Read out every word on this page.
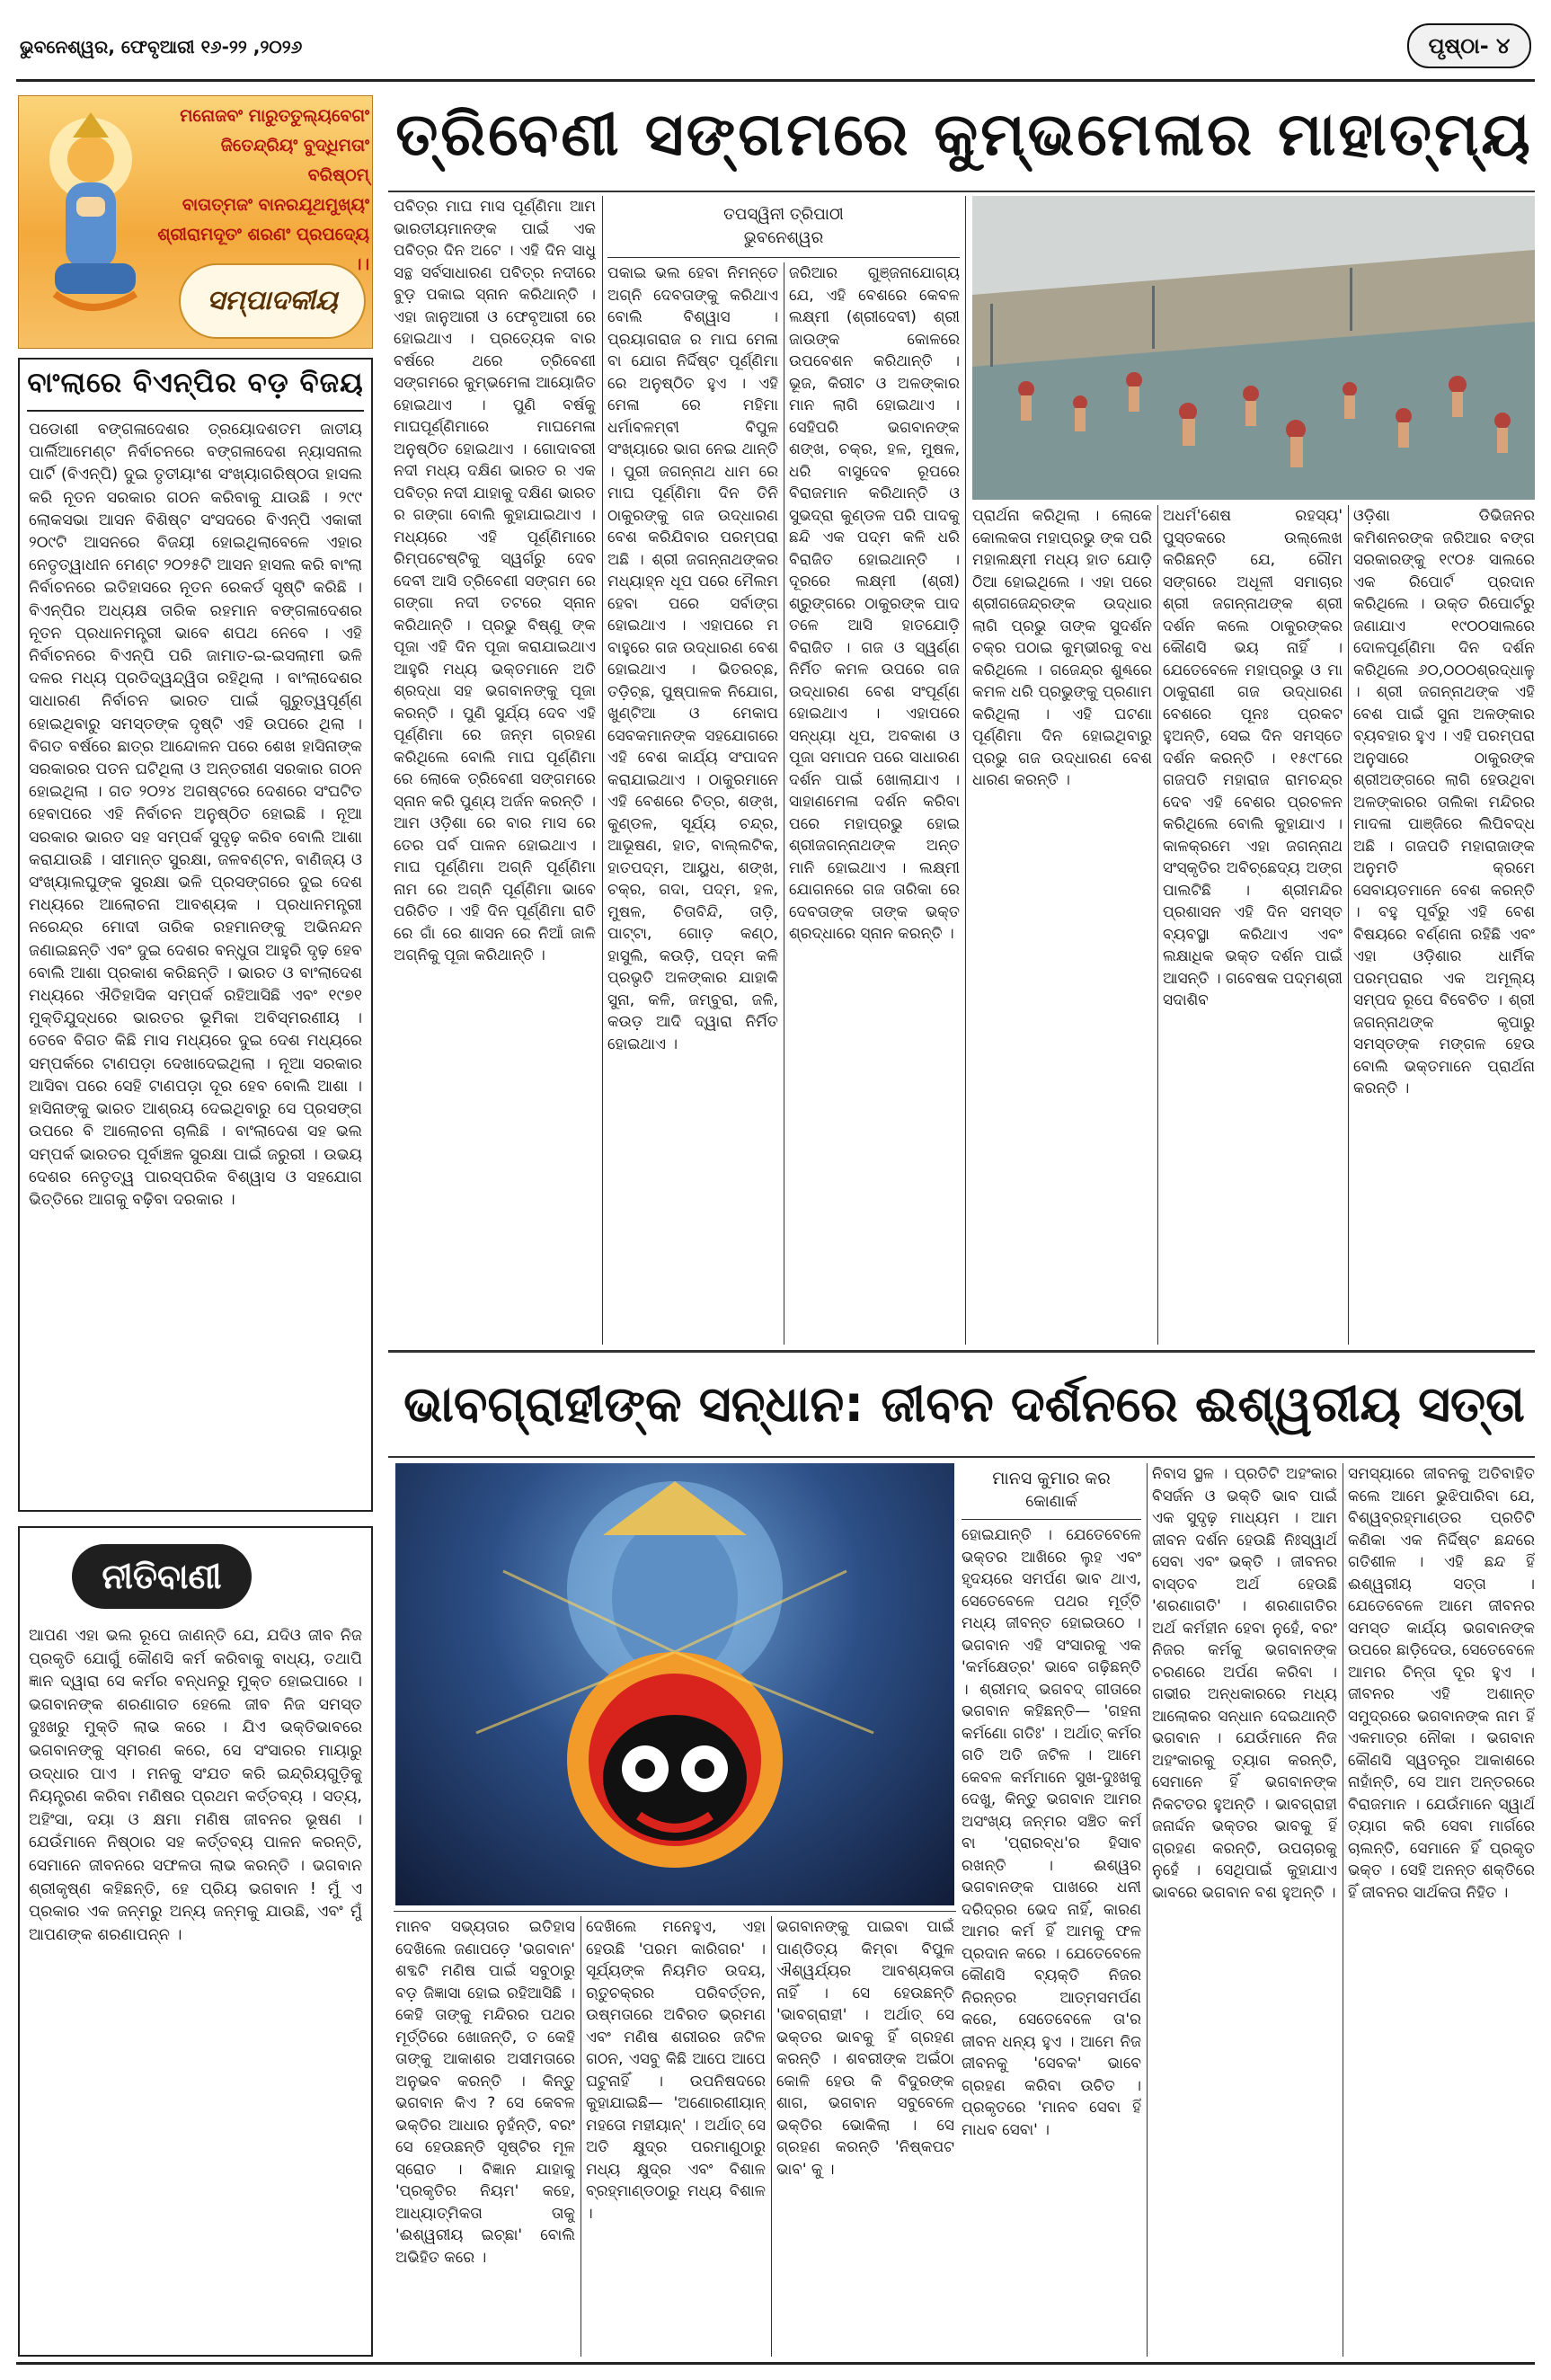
ଭୁବନେଶ୍ୱର, ଫେବୃଆରୀ ୧୬-୨୨ ,୨୦୨୬	ପୃଷ୍ଠା- ୪
ମନୋଜବଂ ମାରୁତତୁଲ୍ୟବେଗଂ
ଜିତେନ୍ଦ୍ରିୟଂ ବୁଦ୍ଧିମତାଂ ବରିଷ୍ଠମ୍
ବାତାତ୍ମଜଂ ବାନରଯୂଥମୁଖ୍ୟଂ
ଶ୍ରୀରାମଦୂତଂ ଶରଣଂ ପ୍ରପଦ୍ୟେ ।।
ସମ୍ପାଦକୀୟ
ବାଂଲାରେ ବିଏନ୍‌ପିର ବଡ଼ ବିଜୟ
ପଡୋଶୀ ବଙ୍ଗଳାଦେଶର ତ୍ରୟୋଦଶତମ ଜାତୀୟ ପାର୍ଲିଆମେଣ୍ଟ ନିର୍ବାଚନରେ ବଙ୍ଗଳାଦେଶ ନ୍ୟାସନାଲ ପାର୍ଟି (ବିଏନ୍‌ପି) ଦୁଇ ତୃତୀୟାଂଶ ସଂଖ୍ୟାଗରିଷ୍ଠତା ହାସଲ କରି ନୂତନ ସରକାର ଗଠନ କରିବାକୁ ଯାଉଛି । ୨୯୯ ଲୋକସଭା ଆସନ ବିଶିଷ୍ଟ ସଂସଦରେ ବିଏନ୍‌ପି ଏକାକୀ ୨୦୯ଟି ଆସନରେ ବିଜୟୀ ହୋଇଥିଲାବେଳେ ଏହାର ନେତୃତ୍ୱାଧୀନ ମେଣ୍ଟ ୨୦୨୫ଟି ଆସନ ହାସଲ କରି ବାଂଲା ନିର୍ବାଚନରେ ଇତିହାସରେ ନୂତନ ରେକର୍ଡ ସୃଷ୍ଟି କରିଛି । ବିଏନ୍‌ପିର ଅଧ୍ୟକ୍ଷ ତାରିକ ରହମାନ ବଙ୍ଗଳାଦେଶର ନୂତନ ପ୍ରଧାନମନ୍ତ୍ରୀ ଭାବେ ଶପଥ ନେବେ । ଏହି ନିର୍ବାଚନରେ ବିଏନ୍‌ପି ପରି ଜାମାତ-ଇ-ଇସଲାମୀ ଭଳି ଦଳର ମଧ୍ୟ ପ୍ରତିଦ୍ୱନ୍ଦ୍ୱିତା ରହିଥିଲା । ବାଂଲାଦେଶର ସାଧାରଣ ନିର୍ବାଚନ ଭାରତ ପାଇଁ ଗୁରୁତ୍ୱପୂର୍ଣ୍ଣ ହୋଇଥିବାରୁ ସମସ୍ତଙ୍କ ଦୃଷ୍ଟି ଏହି ଉପରେ ଥିଲା । ବିଗତ ବର୍ଷରେ ଛାତ୍ର ଆନ୍ଦୋଳନ ପରେ ଶେଖ ହାସିନାଙ୍କ ସରକାରର ପତନ ଘଟିଥିଲା ଓ ଅନ୍ତରୀଣ ସରକାର ଗଠନ ହୋଇଥିଲା । ଗତ ୨୦୨୪ ଅଗଷ୍ଟରେ ଦେଶରେ ସଂଘଟିତ ହେବାପରେ ଏହି ନିର୍ବାଚନ ଅନୁଷ୍ଠିତ ହୋଇଛି । ନୂଆ ସରକାର ଭାରତ ସହ ସମ୍ପର୍କ ସୁଦୃଢ଼ କରିବ ବୋଲି ଆଶା କରାଯାଉଛି । ସୀମାନ୍ତ ସୁରକ୍ଷା, ଜଳବଣ୍ଟନ, ବାଣିଜ୍ୟ ଓ ସଂଖ୍ୟାଲଘୁଙ୍କ ସୁରକ୍ଷା ଭଳି ପ୍ରସଙ୍ଗରେ ଦୁଇ ଦେଶ ମଧ୍ୟରେ ଆଲୋଚନା ଆବଶ୍ୟକ । ପ୍ରଧାନମନ୍ତ୍ରୀ ନରେନ୍ଦ୍ର ମୋଦୀ ତାରିକ ରହମାନଙ୍କୁ ଅଭିନନ୍ଦନ ଜଣାଇଛନ୍ତି ଏବଂ ଦୁଇ ଦେଶର ବନ୍ଧୁତା ଆହୁରି ଦୃଢ଼ ହେବ ବୋଲି ଆଶା ପ୍ରକାଶ କରିଛନ୍ତି । ଭାରତ ଓ ବାଂଲାଦେଶ ମଧ୍ୟରେ ଐତିହାସିକ ସମ୍ପର୍କ ରହିଆସିଛି ଏବଂ ୧୯୭୧ ମୁକ୍ତିଯୁଦ୍ଧରେ ଭାରତର ଭୂମିକା ଅବିସ୍ମରଣୀୟ । ତେବେ ବିଗତ କିଛି ମାସ ମଧ୍ୟରେ ଦୁଇ ଦେଶ ମଧ୍ୟରେ ସମ୍ପର୍କରେ ଟାଣପଡ଼ା ଦେଖାଦେଇଥିଲା । ନୂଆ ସରକାର ଆସିବା ପରେ ସେହି ଟାଣପଡ଼ା ଦୂର ହେବ ବୋଲି ଆଶା । ହାସିନାଙ୍କୁ ଭାରତ ଆଶ୍ରୟ ଦେଇଥିବାରୁ ସେ ପ୍ରସଙ୍ଗ ଉପରେ ବି ଆଲୋଚନା ଚାଲିଛି । ବାଂଲାଦେଶ ସହ ଭଲ ସମ୍ପର୍କ ଭାରତର ପୂର୍ବାଞ୍ଚଳ ସୁରକ୍ଷା ପାଇଁ ଜରୁରୀ । ଉଭୟ ଦେଶର ନେତୃତ୍ୱ ପାରସ୍ପରିକ ବିଶ୍ୱାସ ଓ ସହଯୋଗ ଭିତ୍ତିରେ ଆଗକୁ ବଢ଼ିବା ଦରକାର ।
ନୀତିବାଣୀ
ଆପଣ ଏହା ଭଲ ରୂପେ ଜାଣନ୍ତି ଯେ, ଯଦିଓ ଜୀବ ନିଜ ପ୍ରକୃତି ଯୋଗୁଁ କୌଣସି କର୍ମ କରିବାକୁ ବାଧ୍ୟ, ତଥାପି ଜ୍ଞାନ ଦ୍ୱାରା ସେ କର୍ମର ବନ୍ଧନରୁ ମୁକ୍ତ ହୋଇପାରେ । ଭଗବାନଙ୍କ ଶରଣାଗତ ହେଲେ ଜୀବ ନିଜ ସମସ୍ତ ଦୁଃଖରୁ ମୁକ୍ତି ଲାଭ କରେ । ଯିଏ ଭକ୍ତିଭାବରେ ଭଗବାନଙ୍କୁ ସ୍ମରଣ କରେ, ସେ ସଂସାରର ମାୟାରୁ ଉଦ୍ଧାର ପାଏ । ମନକୁ ସଂଯତ କରି ଇନ୍ଦ୍ରିୟଗୁଡ଼ିକୁ ନିୟନ୍ତ୍ରଣ କରିବା ମଣିଷର ପ୍ରଥମ କର୍ତ୍ତବ୍ୟ । ସତ୍ୟ, ଅହିଂସା, ଦୟା ଓ କ୍ଷମା ମଣିଷ ଜୀବନର ଭୂଷଣ । ଯେଉଁମାନେ ନିଷ୍ଠାର ସହ କର୍ତ୍ତବ୍ୟ ପାଳନ କରନ୍ତି, ସେମାନେ ଜୀବନରେ ସଫଳତା ଲାଭ କରନ୍ତି । ଭଗବାନ ଶ୍ରୀକୃଷ୍ଣ କହିଛନ୍ତି, ହେ ପ୍ରିୟ ଭଗବାନ ! ମୁଁ ଏ ପ୍ରକାର ଏକ ଜନ୍ମରୁ ଅନ୍ୟ ଜନ୍ମକୁ ଯାଉଛି, ଏବଂ ମୁଁ ଆପଣଙ୍କ ଶରଣାପନ୍ନ ।
ତ୍ରିବେଣୀ ସଙ୍ଗମରେ କୁମ୍ଭମେଳାର ମାହାତ୍ମ୍ୟ
ପବିତ୍ର ମାଘ ମାସ ପୂର୍ଣ୍ଣିମା ଆମ ଭାରତୀୟମାନଙ୍କ ପାଇଁ ଏକ ପବିତ୍ର ଦିନ ଅଟେ । ଏହି ଦିନ ସାଧୁ ସନ୍ଥ ସର୍ବସାଧାରଣ ପବିତ୍ର ନଦୀରେ ବୁଡ଼ ପକାଇ ସ୍ନାନ କରିଥାନ୍ତି । ଏହା ଜାନୁଆରୀ ଓ ଫେବୃଆରୀ ରେ ହୋଇଥାଏ । ପ୍ରତ୍ୟେକ ବାର ବର୍ଷରେ ଥରେ ତ୍ରିବେଣୀ ସଙ୍ଗମରେ କୁମ୍ଭମେଳା ଆୟୋଜିତ ହୋଇଥାଏ । ପୁଣି ବର୍ଷକୁ ମାଘପୂର୍ଣ୍ଣିମାରେ ମାଘମେଳା ଅନୁଷ୍ଠିତ ହୋଇଥାଏ । ଗୋଦାବରୀ ନଦୀ ମଧ୍ୟ ଦକ୍ଷିଣ ଭାରତ ର ଏକ ପବିତ୍ର ନଦୀ ଯାହାକୁ ଦକ୍ଷିଣ ଭାରତ ର ଗଙ୍ଗା ବୋଲି କୁହାଯାଇଥାଏ । ମଧ୍ୟରେ ଏହି ପୂର୍ଣ୍ଣିମାରେ ରିମ୍ପଟେଷ୍ଟିକୁ ସ୍ୱର୍ଗରୁ ଦେବ ଦେବୀ ଆସି ତ୍ରିବେଣୀ ସଙ୍ଗମ ରେ ଗଙ୍ଗା ନଦୀ ତଟରେ ସ୍ନାନ କରିଥାନ୍ତି । ପ୍ରଭୁ ବିଷ୍ଣୁ ଙ୍କ ପୂଜା ଏହି ଦିନ ପୂଜା କରାଯାଇଥାଏ ଆହୁରି ମଧ୍ୟ ଭକ୍ତମାନେ ଅତି ଶ୍ରଦ୍ଧା ସହ ଭଗବାନଙ୍କୁ ପୂଜା କରନ୍ତି । ପୁଣି ସୁର୍ଯ୍ୟ ଦେବ ଏହି ପୂର୍ଣ୍ଣିମା ରେ ଜନ୍ମ ଗ୍ରହଣ କରିଥିଲେ ବୋଲି ମାଘ ପୂର୍ଣ୍ଣିମା ରେ ଲୋକେ ତ୍ରିବେଣୀ ସଙ୍ଗମରେ ସ୍ନାନ କରି ପୁଣ୍ୟ ଅର୍ଜନ କରନ୍ତି । ଆମ ଓଡ଼ିଶା ରେ ବାର ମାସ ରେ ତେର ପର୍ବ ପାଳନ ହୋଇଥାଏ । ମାଘ ପୂର୍ଣ୍ଣିମା ଅଗ୍ନି ପୂର୍ଣ୍ଣିମା ନାମ ରେ ଅଗ୍ନି ପୂର୍ଣ୍ଣିମା ଭାବେ ପରିଚିତ । ଏହି ଦିନ ପୂର୍ଣ୍ଣିମା ରାତି ରେ ଗାଁ ରେ ଶାସନ ରେ ନିଆଁ ଜାଳି ଅଗ୍ନିକୁ ପୂଜା କରିଥାନ୍ତି ।
ତପସ୍ୱିନୀ ତ୍ରିପାଠୀ
ଭୁବନେଶ୍ୱର
ପକାଇ ଭଲ ହେବା ନିମନ୍ତେ ଅଗ୍ନି ଦେବତାଙ୍କୁ କରିଥାଏ ବୋଲି ବିଶ୍ୱାସ । ପ୍ରୟାଗରାଜ ର ମାଘ ମେଳା ବା ଯୋଗ ନିର୍ଦ୍ଦିଷ୍ଟ ପୂର୍ଣ୍ଣିମା ରେ ଅନୁଷ୍ଠିତ ହୁଏ । ଏହି ମେଳା ରେ ମହିମା ଧର୍ମାବଳମ୍ବୀ ବିପୁଳ ସଂଖ୍ୟାରେ ଭାଗ ନେଇ ଥାନ୍ତି । ପୁରୀ ଜଗନ୍ନାଥ ଧାମ ରେ ମାଘ ପୂର୍ଣ୍ଣିମା ଦିନ ତିନି ଠାକୁରଙ୍କୁ ଗଜ ଉଦ୍ଧାରଣ ବେଶ କରିଯିବାର ପରମ୍ପରା ଅଛି । ଶ୍ରୀ ଜଗନ୍ନାଥଙ୍କର ମଧ୍ୟାହ୍ନ ଧୂପ ପରେ ମୈଲମ ହେବା ପରେ ସର୍ବାଙ୍ଗ ହୋଇଥାଏ । ଏହାପରେ ମ ବାହୁରେ ଗଜ ଉଦ୍ଧାରଣ ବେଶ ହୋଇଥାଏ । ଭିତରଚ୍ଛ, ତଡ଼ିଚ୍ଛ, ପୁଷ୍ପାଳକ ନିଯୋଗ, ଖୁଣ୍ଟିଆ ଓ ମେକାପ ସେବକମାନଙ୍କ ସହଯୋଗରେ ଏହି ବେଶ କାର୍ଯ୍ୟ ସଂପାଦନ କରାଯାଇଥାଏ । ଠାକୁରମାନେ ଏହି ବେଶରେ ଚିତ୍ର, ଶଙ୍ଖ, କୁଣ୍ଡଳ, ସୂର୍ଯ୍ୟ ଚନ୍ଦ୍ର, ଆଭୂଷଣ, ହାତ, ବାଲ୍ଲଟିକ, ହାତପଦ୍ମ, ଆୟୁଧ, ଶଙ୍ଖ, ଚକ୍ର, ଗଦା, ପଦ୍ମ, ହଳ, ମୁଷଳ, ଚିତାବିନ୍ଦି, ତାଡ଼ି, ପାଟ୍ଟା, ଗୋଡ଼ କଣ୍ଠ, ହାସୁଲି, କଉଡ଼ି, ପଦ୍ମ କଳି ପ୍ରଭୃତି ଅଳଙ୍କାର ଯାହାକି ସୁନା, କଳି, ଜମ୍ବୁରା, ଜଳି, କଉଡ଼ ଆଦି ଦ୍ୱାରା ନିର୍ମିତ ହୋଇଥାଏ ।
ଜରିଆର ଗୁଞ୍ଜନାଯୋଗ୍ୟ ଯେ, ଏହି ବେଶରେ କେବଳ ଲକ୍ଷ୍ମୀ (ଶ୍ରୀଦେବୀ) ଶ୍ରୀ ଜାଉଙ୍କ କୋଳରେ ଉପବେଶନ କରିଥାନ୍ତି । ଭୂଜ, କିରୀଟ ଓ ଅଳଙ୍କାର ମାନ ଲାଗି ହୋଇଥାଏ । ସେହିପରି ଭଗବାନଙ୍କ ଶଙ୍ଖ, ଚକ୍ର, ହଳ, ମୁଷଳ, ଧରି ବାସୁଦେବ ରୂପରେ ବିରାଜମାନ କରିଥାନ୍ତି ଓ ସୁଭଦ୍ରା କୁଣ୍ଡଳ ପରି ପାଦକୁ ଛନ୍ଦି ଏକ ପଦ୍ମ କଳି ଧରି ବିରାଜିତ ହୋଇଥାନ୍ତି । ଦୂରରେ ଲକ୍ଷ୍ମୀ (ଶ୍ରୀ) ଶ୍ରୁଙ୍ଗରେ ଠାକୁରଙ୍କ ପାଦ ତଳେ ଆସି ହାତଯୋଡ଼ି ବିରାଜିତ । ଗଜ ଓ ସ୍ୱର୍ଣ୍ଣ ନିର୍ମିତ କମଳ ଉପରେ ଗଜ ଉଦ୍ଧାରଣ ବେଶ ସଂପୂର୍ଣ୍ଣ ହୋଇଥାଏ । ଏହାପରେ ସନ୍ଧ୍ୟା ଧୂପ, ଅବକାଶ ଓ ପୂଜା ସମାପନ ପରେ ସାଧାରଣ ଦର୍ଶନ ପାଇଁ ଖୋଲାଯାଏ । ସାହାଣମେଳା ଦର୍ଶନ କରିବା ପରେ ମହାପ୍ରଭୁ ହୋଇ ଶ୍ରୀଜଗନ୍ନାଥଙ୍କ ଅନ୍ତ ମାନି ହୋଇଥାଏ । ଲକ୍ଷ୍ମୀ ଯୋଗନରେ ଗଜ ତାରିକା ରେ ଦେବତାଙ୍କ ତାଙ୍କ ଭକ୍ତ ଶ୍ରଦ୍ଧାରେ ସ୍ନାନ କରନ୍ତି ।
ପ୍ରାର୍ଥନା କରିଥିଲା । ଲୋକେ କୋଲକତା ମହାପ୍ରଭୁ ଙ୍କ ପରି ମହାଲକ୍ଷ୍ମୀ ମଧ୍ୟ ହାତ ଯୋଡ଼ି ଠିଆ ହୋଇଥିଲେ । ଏହା ପରେ ଶ୍ରୀଗଜେନ୍ଦ୍ରଙ୍କ ଉଦ୍ଧାର ଲାଗି ପ୍ରଭୁ ତାଙ୍କ ସୁଦର୍ଶନ ଚକ୍ର ପଠାଇ କୁମ୍ଭୀରକୁ ବଧ କରିଥିଲେ । ଗଜେନ୍ଦ୍ର ଶୁଣ୍ଢରେ କମଳ ଧରି ପ୍ରଭୁଙ୍କୁ ପ୍ରଣାମ କରିଥିଲା । ଏହି ଘଟଣା ପୂର୍ଣ୍ଣିମା ଦିନ ହୋଇଥିବାରୁ ପ୍ରଭୁ ଗଜ ଉଦ୍ଧାରଣ ବେଶ ଧାରଣ କରନ୍ତି ।
ଅଧର୍ମ'ଶେଷ ରହସ୍ୟ' ପୁସ୍ତକରେ ଉଲ୍ଲେଖ କରିଛନ୍ତି ଯେ, ରୌମ ସଙ୍ଗରେ ଅଧୂଳୀ ସମାଚାର ଶ୍ରୀ ଜଗନ୍ନାଥଙ୍କ ଶ୍ରୀ ଦର୍ଶନ କଲେ ଠାକୁରଙ୍କର କୌଣସି ଭୟ ନାହିଁ । ଯେତେବେଳେ ମହାପ୍ରଭୁ ଓ ମା ଠାକୁରାଣୀ ଗଜ ଉଦ୍ଧାରଣ ବେଶରେ ପୂନଃ ପ୍ରକଟ ହୁଅନ୍ତି, ସେଇ ଦିନ ସମସ୍ତେ ଦର୍ଶନ କରନ୍ତି । ୧୫୯୮ରେ ଗଜପତି ମହାରାଜ ରାମଚନ୍ଦ୍ର ଦେବ ଏହି ବେଶର ପ୍ରଚଳନ କରିଥିଲେ ବୋଲି କୁହାଯାଏ । କାଳକ୍ରମେ ଏହା ଜଗନ୍ନାଥ ସଂସ୍କୃତିର ଅବିଚ୍ଛେଦ୍ୟ ଅଙ୍ଗ ପାଲଟିଛି । ଶ୍ରୀମନ୍ଦିର ପ୍ରଶାସନ ଏହି ଦିନ ସମସ୍ତ ବ୍ୟବସ୍ଥା କରିଥାଏ ଏବଂ ଲକ୍ଷାଧିକ ଭକ୍ତ ଦର୍ଶନ ପାଇଁ ଆସନ୍ତି । ଗବେଷକ ପଦ୍ମଶ୍ରୀ ସଦାଶିବ
ଓଡ଼ିଶା ଡିଭିଜନର କମିଶନରଙ୍କ ଜରିଆର ବଙ୍ଗ ସରକାରଙ୍କୁ ୧୯୦୫ ସାଲରେ ଏକ ରିପୋର୍ଟ ପ୍ରଦାନ କରିଥିଲେ । ଉକ୍ତ ରିପୋର୍ଟରୁ ଜଣାଯାଏ ୧୯୦୦ସାଲରେ ଦୋଳପୂର୍ଣ୍ଣିମା ଦିନ ଦର୍ଶନ କରିଥିଲେ ୬୦,୦୦୦ଶ୍ରଦ୍ଧାଳୁ । ଶ୍ରୀ ଜଗନ୍ନାଥଙ୍କ ଏହି ବେଶ ପାଇଁ ସୁନା ଅଳଙ୍କାର ବ୍ୟବହାର ହୁଏ । ଏହି ପରମ୍ପରା ଅନୁସାରେ ଠାକୁରଙ୍କ ଶ୍ରୀଅଙ୍ଗରେ ଲାଗି ହେଉଥିବା ଅଳଙ୍କାରର ତାଲିକା ମନ୍ଦିରର ମାଦଳା ପାଞ୍ଜିରେ ଲିପିବଦ୍ଧ ଅଛି । ଗଜପତି ମହାରାଜାଙ୍କ ଅନୁମତି କ୍ରମେ ସେବାୟତମାନେ ବେଶ କରନ୍ତି । ବହୁ ପୂର୍ବରୁ ଏହି ବେଶ ବିଷୟରେ ବର୍ଣ୍ଣନା ରହିଛି ଏବଂ ଏହା ଓଡ଼ିଶାର ଧାର୍ମିକ ପରମ୍ପରାର ଏକ ଅମୂଲ୍ୟ ସମ୍ପଦ ରୂପେ ବିବେଚିତ । ଶ୍ରୀ ଜଗନ୍ନାଥଙ୍କ କୃପାରୁ ସମସ୍ତଙ୍କ ମଙ୍ଗଳ ହେଉ ବୋଲି ଭକ୍ତମାନେ ପ୍ରାର୍ଥନା କରନ୍ତି ।
ଭାବଗ୍ରାହୀଙ୍କ ସନ୍ଧାନ: ଜୀବନ ଦର୍ଶନରେ ଈଶ୍ୱରୀୟ ସତ୍ତା
ମାନସ କୁମାର କର
କୋଣାର୍କ
ହୋଇଯାନ୍ତି । ଯେତେବେଳେ ଭକ୍ତର ଆଖିରେ ଲୁହ ଏବଂ ହୃଦୟରେ ସମର୍ପଣ ଭାବ ଥାଏ, ସେତେବେଳେ ପଥର ମୂର୍ତ୍ତି ମଧ୍ୟ ଜୀବନ୍ତ ହୋଇଉଠେ । ଭଗବାନ ଏହି ସଂସାରକୁ ଏକ 'କର୍ମକ୍ଷେତ୍ର' ଭାବେ ଗଢ଼ିଛନ୍ତି । ଶ୍ରୀମଦ୍ ଭଗବଦ୍ ଗୀତାରେ ଭଗବାନ କହିଛନ୍ତି— 'ଗହନା କର୍ମଣୋ ଗତିଃ' । ଅର୍ଥାତ୍ କର୍ମର ଗତି ଅତି ଜଟିଳ । ଆମେ କେବଳ କର୍ମମାନେ ସୁଖ-ଦୁଃଖକୁ ଦେଖୁ, କିନ୍ତୁ ଭଗବାନ ଆମର ଅସଂଖ୍ୟ ଜନ୍ମର ସଞ୍ଚିତ କର୍ମ ବା 'ପ୍ରାରବ୍ଧ'ର ହିସାବ ରଖନ୍ତି । ଈଶ୍ୱର ଭଗବାନଙ୍କ ପାଖରେ ଧନୀ ଦରିଦ୍ରର ଭେଦ ନାହିଁ, କାରଣ ଆମର କର୍ମ ହିଁ ଆମକୁ ଫଳ ପ୍ରଦାନ କରେ । ଯେତେବେଳେ କୌଣସି ବ୍ୟକ୍ତି ନିଜର ନିରନ୍ତର ଆତ୍ମସମର୍ପଣ କରେ, ସେତେବେଳେ ତା'ର ଜୀବନ ଧନ୍ୟ ହୁଏ । ଆମେ ନିଜ ଜୀବନକୁ 'ସେବକ' ଭାବେ ଗ୍ରହଣ କରିବା ଉଚିତ । ପ୍ରକୃତରେ 'ମାନବ ସେବା ହିଁ ମାଧବ ସେବା' ।
ନିବାସ ସ୍ଥଳ । ପ୍ରତିଟି ଅହଂକାର ବିସର୍ଜନ ଓ ଭକ୍ତି ଭାବ ପାଇଁ ଏକ ସୁଦୃଢ଼ ମାଧ୍ୟମ । ଆମ ଜୀବନ ଦର୍ଶନ ହେଉଛି ନିଃସ୍ୱାର୍ଥ ସେବା ଏବଂ ଭକ୍ତି । ଜୀବନର ବାସ୍ତବ ଅର୍ଥ ହେଉଛି 'ଶରଣାଗତି' । ଶରଣାଗତିର ଅର୍ଥ କର୍ମହୀନ ହେବା ନୁହେଁ, ବରଂ ନିଜର କର୍ମକୁ ଭଗବାନଙ୍କ ଚରଣରେ ଅର୍ପଣ କରିବା । ଗଭୀର ଅନ୍ଧକାରରେ ମଧ୍ୟ ଆଲୋକର ସନ୍ଧାନ ଦେଇଥାନ୍ତି ଭଗବାନ । ଯେଉଁମାନେ ନିଜ ଅହଂକାରକୁ ତ୍ୟାଗ କରନ୍ତି, ସେମାନେ ହିଁ ଭଗବାନଙ୍କ ନିକଟତର ହୁଅନ୍ତି । ଭାବଗ୍ରାହୀ ଜନାର୍ଦ୍ଦନ ଭକ୍ତର ଭାବକୁ ହିଁ ଗ୍ରହଣ କରନ୍ତି, ଉପଚାରକୁ ନୁହେଁ । ସେଥିପାଇଁ କୁହାଯାଏ ଭାବରେ ଭଗବାନ ବଶ ହୁଅନ୍ତି ।
ସମସ୍ୟାରେ ଜୀବନକୁ ଅତିବାହିତ କଲେ ଆମେ ଭୁଝିପାରିବା ଯେ, ବିଶ୍ୱବ୍ରହ୍ମାଣ୍ଡର ପ୍ରତିଟି କଣିକା ଏକ ନିର୍ଦ୍ଦିଷ୍ଟ ଛନ୍ଦରେ ଗତିଶୀଳ । ଏହି ଛନ୍ଦ ହିଁ ଈଶ୍ୱରୀୟ ସତ୍ତା । ଯେତେବେଳେ ଆମେ ଜୀବନର ସମସ୍ତ କାର୍ଯ୍ୟ ଭଗବାନଙ୍କ ଉପରେ ଛାଡ଼ିଦେଉ, ସେତେବେଳେ ଆମର ଚିନ୍ତା ଦୂର ହୁଏ । ଜୀବନର ଏହି ଅଶାନ୍ତ ସମୁଦ୍ରରେ ଭଗବାନଙ୍କ ନାମ ହିଁ ଏକମାତ୍ର ନୌକା । ଭଗବାନ କୌଣସି ସ୍ୱତନ୍ତ୍ର ଆକାଶରେ ନାହାଁନ୍ତି, ସେ ଆମ ଅନ୍ତରରେ ବିରାଜମାନ । ଯେଉଁମାନେ ସ୍ୱାର୍ଥ ତ୍ୟାଗ କରି ସେବା ମାର୍ଗରେ ଚାଲନ୍ତି, ସେମାନେ ହିଁ ପ୍ରକୃତ ଭକ୍ତ । ସେହି ଅନନ୍ତ ଶକ୍ତିରେ ହିଁ ଜୀବନର ସାର୍ଥକତା ନିହିତ ।
ମାନବ ସଭ୍ୟତାର ଇତିହାସ ଦେଖିଲେ ଜଣାପଡ଼େ 'ଭଗବାନ' ଶବ୍ଦଟି ମଣିଷ ପାଇଁ ସବୁଠାରୁ ବଡ଼ ଜିଜ୍ଞାସା ହୋଇ ରହିଆସିଛି । କେହି ତାଙ୍କୁ ମନ୍ଦିରର ପଥର ମୂର୍ତ୍ତିରେ ଖୋଜନ୍ତି, ତ କେହି ତାଙ୍କୁ ଆକାଶର ଅସୀମତାରେ ଅନୁଭବ କରନ୍ତି । କିନ୍ତୁ ଭଗବାନ କିଏ ? ସେ କେବଳ ଭକ୍ତିର ଆଧାର ନୁହଁନ୍ତି, ବରଂ ସେ ହେଉଛନ୍ତି ସୃଷ୍ଟିର ମୂଳ ସ୍ରୋତ । ବିଜ୍ଞାନ ଯାହାକୁ 'ପ୍ରକୃତିର ନିୟମ' କହେ, ଆଧ୍ୟାତ୍ମିକତା ତାକୁ 'ଈଶ୍ୱରୀୟ ଇଚ୍ଛା' ବୋଲି ଅଭିହିତ କରେ ।
ଦେଖିଲେ ମନେହୁଏ, ଏହା ହେଉଛି 'ପରମ କାରିଗର' । ସୂର୍ଯ୍ୟଙ୍କ ନିୟମିତ ଉଦୟ, ଋତୁଚକ୍ରର ପରିବର୍ତ୍ତନ, ଉଷ୍ମତାରେ ଅବିରତ ଭ୍ରମଣ ଏବଂ ମଣିଷ ଶରୀରର ଜଟିଳ ଗଠନ, ଏସବୁ କିଛି ଆପେ ଆପେ ଘଟୁନାହିଁ । ଉପନିଷଦରେ କୁହାଯାଇଛି— 'ଅଣୋରଣୀୟାନ୍ ମହତୋ ମହୀୟାନ୍' । ଅର୍ଥାତ୍ ସେ ଅତି କ୍ଷୁଦ୍ର ପରମାଣୁଠାରୁ ମଧ୍ୟ କ୍ଷୁଦ୍ର ଏବଂ ବିଶାଳ ବ୍ରହ୍ମାଣ୍ଡଠାରୁ ମଧ୍ୟ ବିଶାଳ ।
ଭଗବାନଙ୍କୁ ପାଇବା ପାଇଁ ପାଣ୍ଡିତ୍ୟ କିମ୍ବା ବିପୁଳ ଐଶ୍ୱର୍ଯ୍ୟର ଆବଶ୍ୟକତା ନାହିଁ । ସେ ହେଉଛନ୍ତି 'ଭାବଗ୍ରାହୀ' । ଅର୍ଥାତ୍ ସେ ଭକ୍ତର ଭାବକୁ ହିଁ ଗ୍ରହଣ କରନ୍ତି । ଶବରୀଙ୍କ ଅଇଁଠା କୋଳି ହେଉ କି ବିଦୁରଙ୍କ ଶାଗ, ଭଗବାନ ସବୁବେଳେ ଭକ୍ତିର ଭୋକିଲା । ସେ ଗ୍ରହଣ କରନ୍ତି 'ନିଷ୍କପଟ ଭାବ' କୁ ।
